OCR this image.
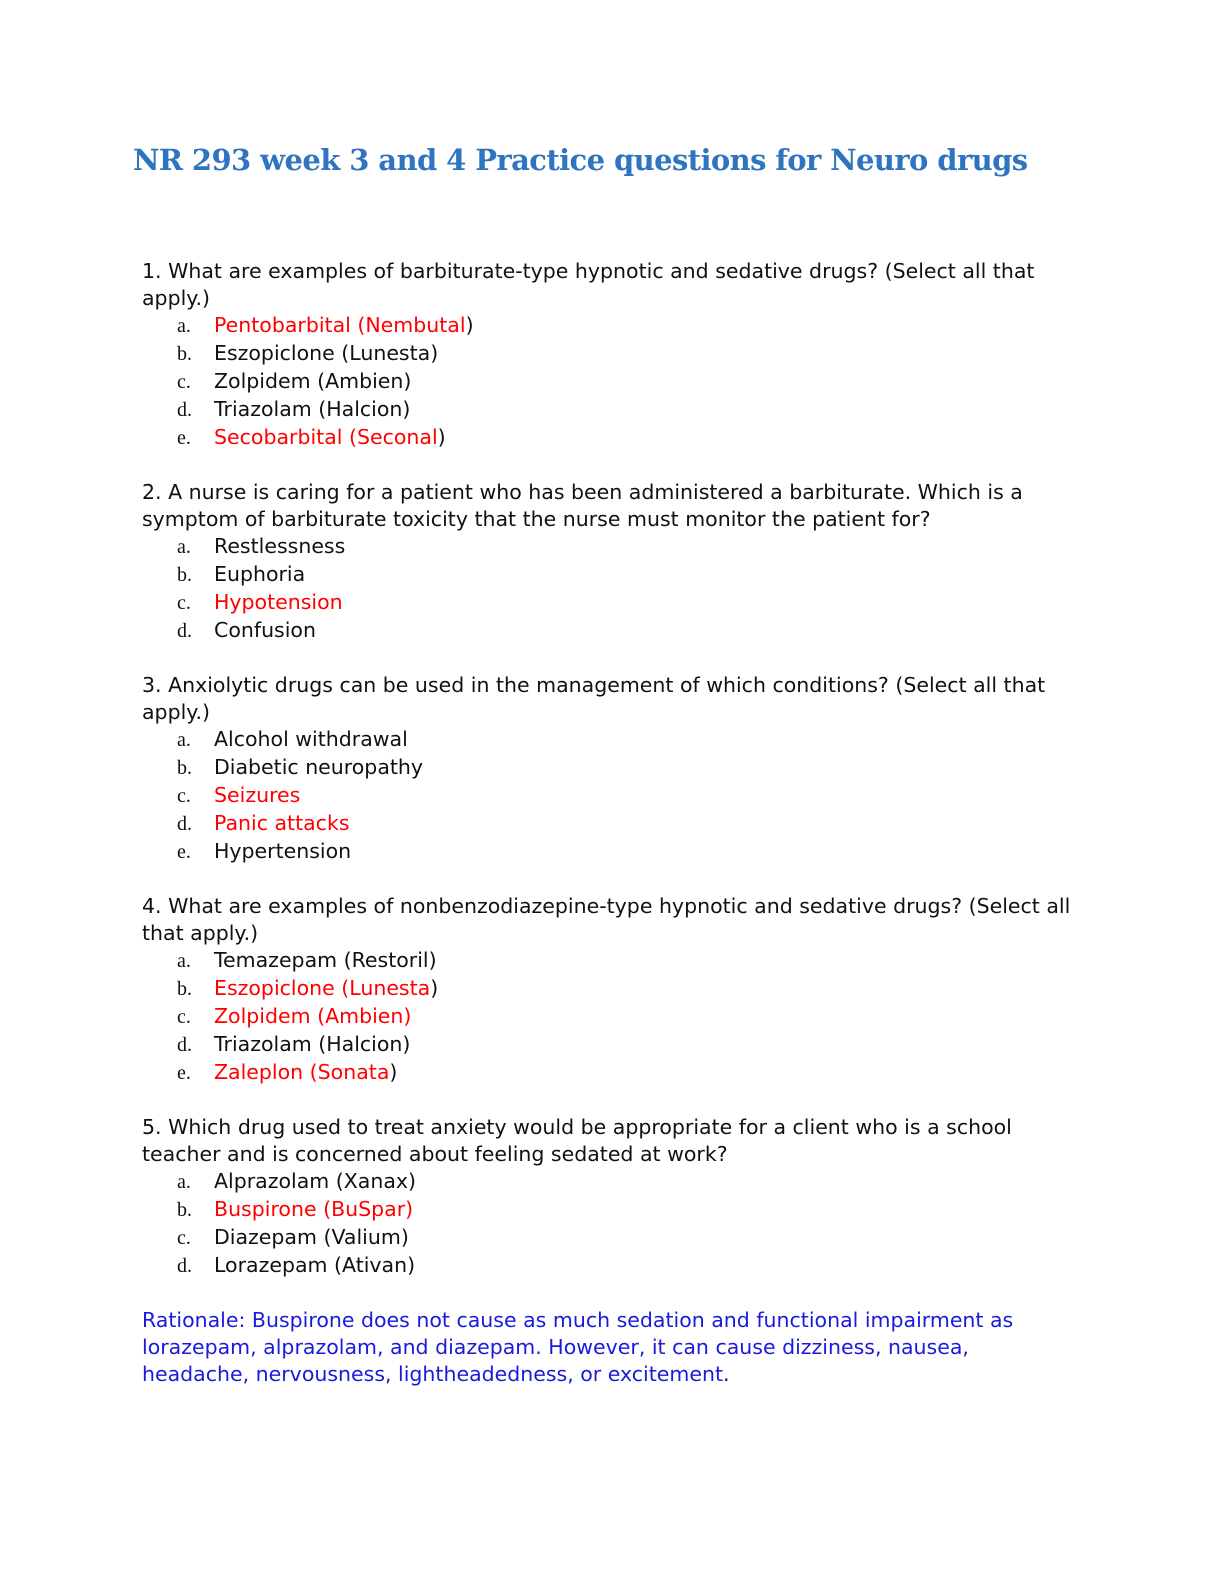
NR 293 week 3 and 4 Practice questions for Neuro drugs

1. What are examples of barbiturate-type hypnotic and sedative drugs? (Select all that apply.)

a. Pentobarbital (Nembutal)
b. Eszopiclone (Lunesta)
c. Zolpidem (Ambien)
d. Triazolam (Halcion)
e. Secobarbital (Seconal)

2. A nurse is caring for a patient who has been administered a barbiturate. Which is a symptom of barbiturate toxicity that the nurse must monitor the patient for?

a. Restlessness
b. Euphoria
c. Hypotension
d. Confusion

3. Anxiolytic drugs can be used in the management of which conditions? (Select all that apply.)

a. Alcohol withdrawal
b. Diabetic neuropathy
c. Seizures
d. Panic attacks
e. Hypertension

4. What are examples of nonbenzodiazepine-type hypnotic and sedative drugs? (Select all that apply.)

a. Temazepam (Restoril)
b. Eszopiclone (Lunesta)
c. Zolpidem (Ambien)
d. Triazolam (Halcion)
e. Zaleplon (Sonata)

5. Which drug used to treat anxiety would be appropriate for a client who is a school teacher and is concerned about feeling sedated at work?

a. Alprazolam (Xanax)
b. Buspirone (BuSpar)
c. Diazepam (Valium)
d. Lorazepam (Ativan)

Rationale: Buspirone does not cause as much sedation and functional impairment as lorazepam, alprazolam, and diazepam. However, it can cause dizziness, nausea, headache, nervousness, lightheadedness, or excitement.
